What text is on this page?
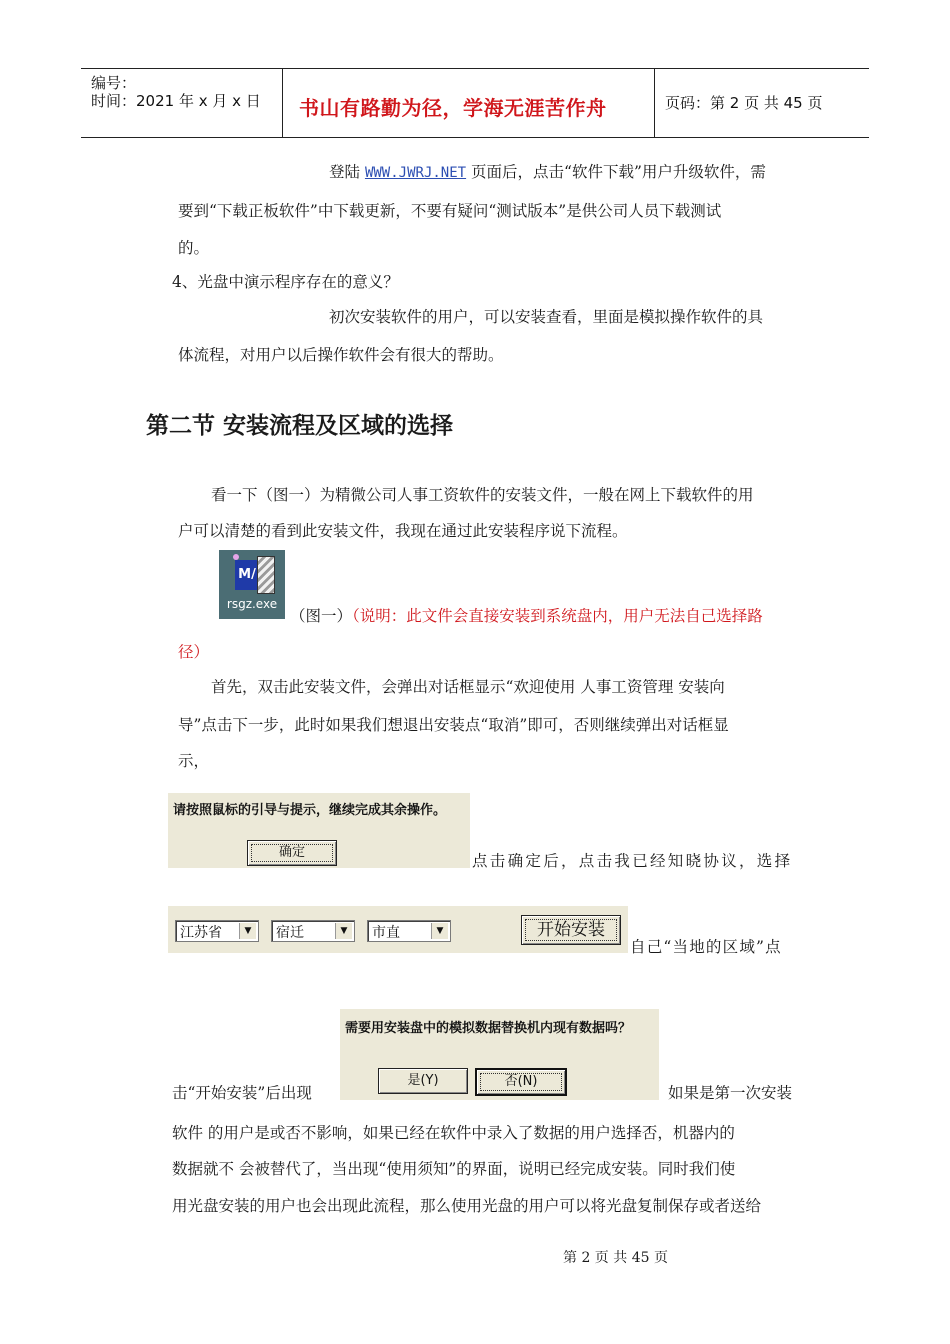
编号：
时间：2021 年 x 月 x 日 书山有路勤为径，学海无涯苦作舟	页码：第 2 页 共 45 页
登陆 WWW.JWRJ.NET 页面后，点击“软件下载”用户升级软件，需
要到“下载正板软件”中下载更新，不要有疑问“测试版本”是供公司人员下载测试
的。
4、光盘中演示程序存在的意义？
初次安装软件的用户，可以安装查看，里面是模拟操作软件的具
体流程，对用户以后操作软件会有很大的帮助。
第二节 安装流程及区域的选择
看一下（图一）为精微公司人事工资软件的安装文件，一般在网上下载软件的用
户可以清楚的看到此安装文件，我现在通过此安装程序说下流程。
M/
rsgz.exe
（图一）（说明：此文件会直接安装到系统盘内，用户无法自己选择路
径）
首先，双击此安装文件，会弹出对话框显示“欢迎使用 人事工资管理 安装向
导”点击下一步，此时如果我们想退出安装点“取消”即可，否则继续弹出对话框显
示，
请按照鼠标的引导与提示，继续完成其余操作。
确定	点击确定后，点击我已经知晓协议，选择
江苏省	▼	宿迁	▼	市直	▼	开始安装
自己“当地的区域”点
需要用安装盘中的模拟数据替换机内现有数据吗？
是(Y)	否(N)
击“开始安装”后出现	如果是第一次安装
软件 的用户是或否不影响，如果已经在软件中录入了数据的用户选择否，机器内的
数据就不 会被替代了，当出现“使用须知”的界面，说明已经完成安装。同时我们使
用光盘安装的用户也会出现此流程，那么使用光盘的用户可以将光盘复制保存或者送给
第 2 页 共 45 页
